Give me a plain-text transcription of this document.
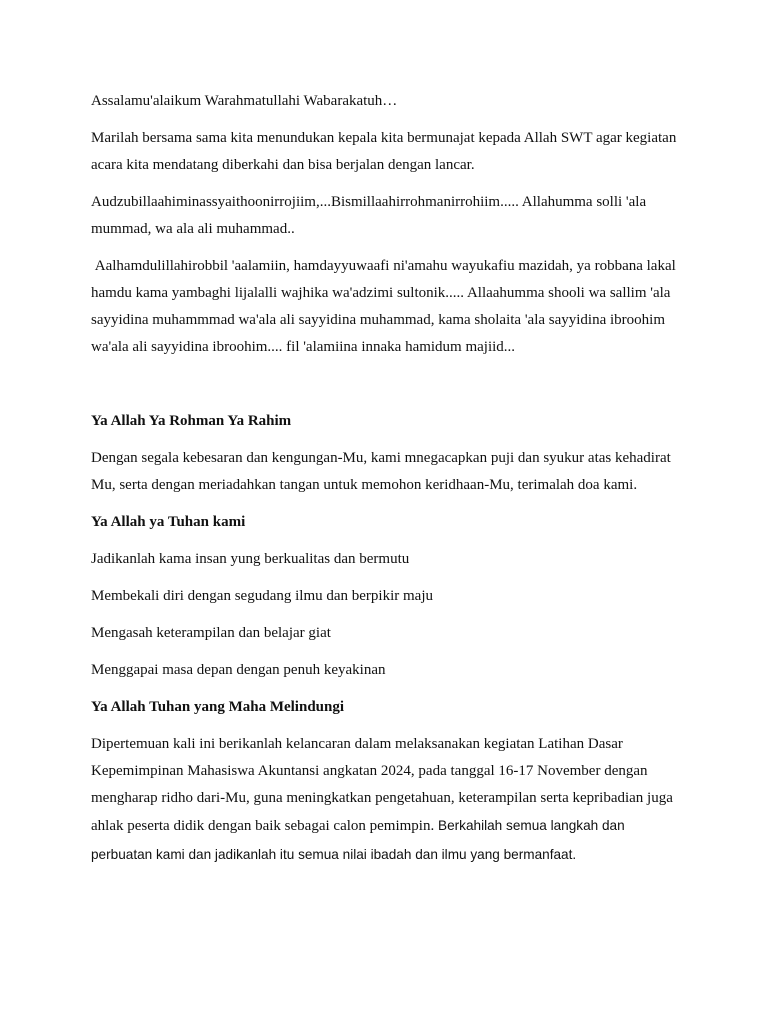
Assalamu'alaikum Warahmatullahi Wabarakatuh…

Marilah bersama sama kita menundukan kepala kita bermunajat kepada Allah SWT agar kegiatan acara kita mendatang diberkahi dan bisa berjalan dengan lancar.

Audzubillaahiminassyaithoonirrojiim,...Bismillaahirrohmanirrohiim..... Allahumma solli 'ala mummad, wa ala ali muhammad..

Aalhamdulillahirobbil 'aalamiin, hamdayyuwaafi ni'amahu wayukafiu mazidah, ya robbana lakal hamdu kama yambaghi lijalalli wajhika wa'adzimi sultonik..... Allaahumma shooli wa sallim 'ala sayyidina muhammmad wa'ala ali sayyidina muhammad, kama sholaita 'ala sayyidina ibroohim wa'ala ali sayyidina ibroohim.... fil 'alamiina innaka hamidum majiid...

Ya Allah Ya Rohman Ya Rahim

Dengan segala kebesaran dan kengungan-Mu, kami mnegacapkan puji dan syukur atas kehadirat Mu, serta dengan meriadahkan tangan untuk memohon keridhaan-Mu, terimalah doa kami.

Ya Allah ya Tuhan kami

Jadikanlah kama insan yung berkualitas dan bermutu

Membekali diri dengan segudang ilmu dan berpikir maju

Mengasah keterampilan dan belajar giat

Menggapai masa depan dengan penuh keyakinan

Ya Allah Tuhan yang Maha Melindungi

Dipertemuan kali ini berikanlah kelancaran dalam melaksanakan kegiatan Latihan Dasar Kepemimpinan Mahasiswa Akuntansi angkatan 2024, pada tanggal 16-17 November dengan mengharap ridho dari-Mu, guna meningkatkan pengetahuan, keterampilan serta kepribadian juga ahlak peserta didik dengan baik sebagai calon pemimpin. Berkahilah semua langkah dan
perbuatan kami dan jadikanlah itu semua nilai ibadah dan ilmu yang bermanfaat.
